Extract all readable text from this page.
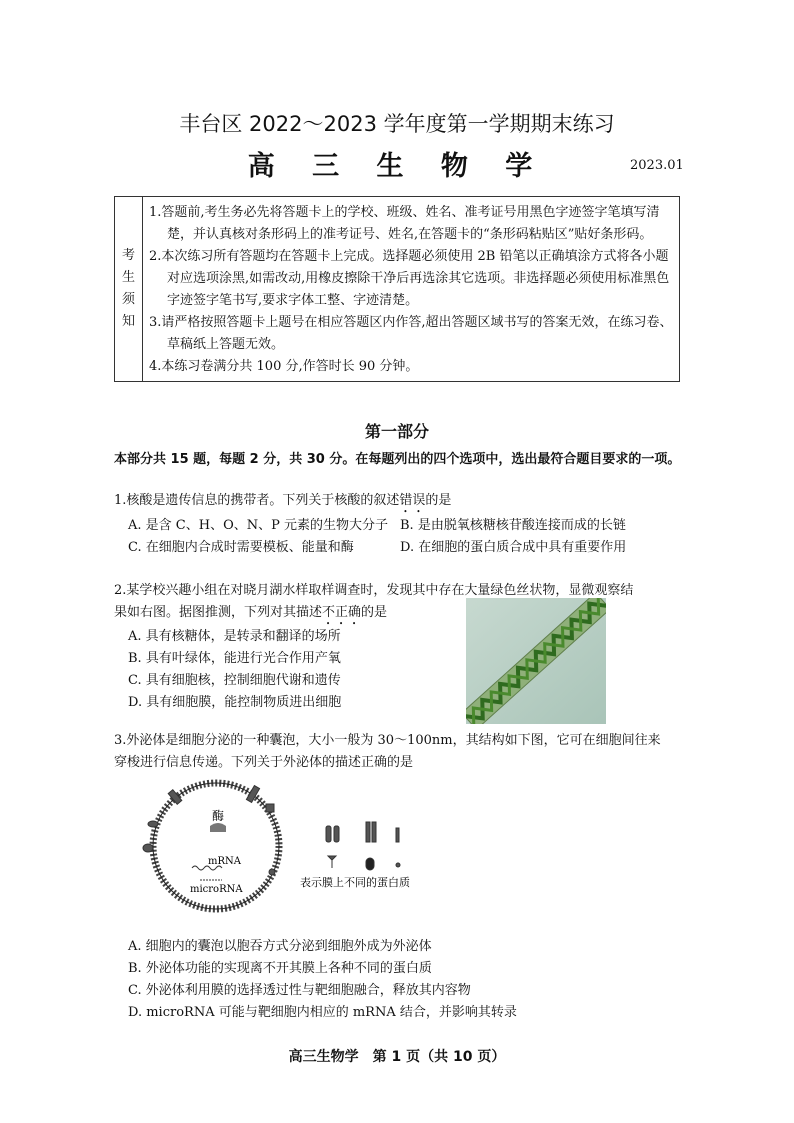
丰台区 2022～2023 学年度第一学期期末练习
高 三 生 物 学	2023.01
考
生
须
知

1.答题前,考生务必先将答题卡上的学校、班级、姓名、准考证号用黑色字迹签字笔填写清楚，并认真核对条形码上的准考证号、姓名,在答题卡的“条形码粘贴区”贴好条形码。
2.本次练习所有答题均在答题卡上完成。选择题必须使用 2B 铅笔以正确填涂方式将各小题对应选项涂黑,如需改动,用橡皮擦除干净后再选涂其它选项。非选择题必须使用标准黑色字迹签字笔书写,要求字体工整、字迹清楚。
3.请严格按照答题卡上题号在相应答题区内作答,超出答题区域书写的答案无效，在练习卷、草稿纸上答题无效。
4.本练习卷满分共 100 分,作答时长 90 分钟。
第一部分
本部分共 15 题，每题 2 分，共 30 分。在每题列出的四个选项中，选出最符合题目要求的一项。
1.核酸是遗传信息的携带者。下列关于核酸的叙述错误的是
A. 是含 C、H、O、N、P 元素的生物大分子 B. 是由脱氧核糖核苷酸连接而成的长链
C. 在细胞内合成时需要模板、能量和酶	D. 在细胞的蛋白质合成中具有重要作用
2.某学校兴趣小组在对晓月湖水样取样调查时，发现其中存在大量绿色丝状物，显微观察结
果如右图。据图推测，下列对其描述不正确的是
A. 具有核糖体，是转录和翻译的场所
B. 具有叶绿体，能进行光合作用产氧
C. 具有细胞核，控制细胞代谢和遗传
D. 具有细胞膜，能控制物质进出细胞
3.外泌体是细胞分泌的一种囊泡，大小一般为 30～100nm，其结构如下图，它可在细胞间往来
穿梭进行信息传递。下列关于外泌体的描述正确的是
酶
mRNA
microRNA
表示膜上不同的蛋白质
A. 细胞内的囊泡以胞吞方式分泌到细胞外成为外泌体
B. 外泌体功能的实现离不开其膜上各种不同的蛋白质
C. 外泌体利用膜的选择透过性与靶细胞融合，释放其内容物
D. microRNA 可能与靶细胞内相应的 mRNA 结合，并影响其转录
高三生物学　第 1 页（共 10 页）
